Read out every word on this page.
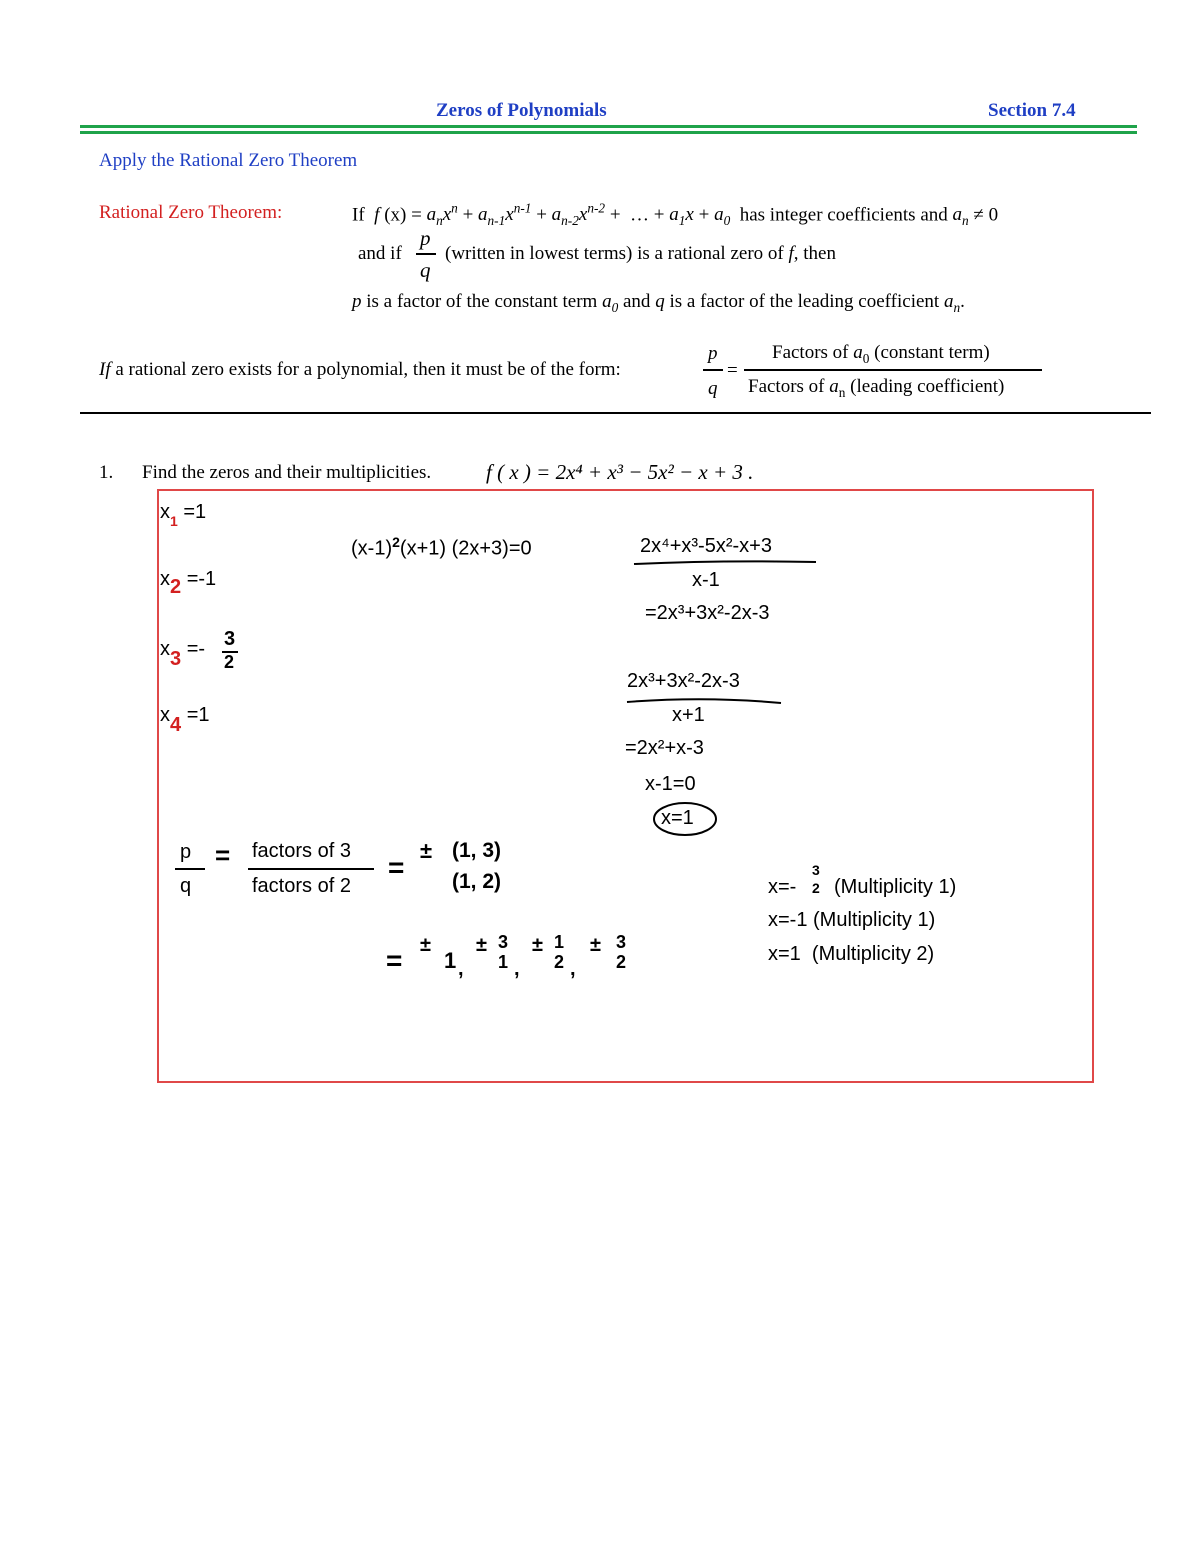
Zeros of Polynomials	Section 7.4
Apply the Rational Zero Theorem
Rational Zero Theorem:	If  f $(x) = a_nx^n + a_{n-1}x^{n-1} + a_{n-2}x^{n-2}$ +  … + $a_1x + a_0$ has integer coefficients and $a_n \ne 0$
and if
p
q
(written in lowest terms) is a rational zero of f, then
p is a factor of the constant term $a_0$ and q is a factor of the leading coefficient $a_n$.
If a rational zero exists for a polynomial, then it must be of the form:
p
q
=
Factors of $a_0$ (constant term)
Factors of $a_n$ (leading coefficient)
1. Find the zeros and their multiplicities.	f ( x ) = 2x⁴ + x³ − 5x² − x + 3 .
$x_1 =1$
x2 =-1
x3 =- 3
2
x4 =1
$(x-1)^2(x+1)$ (2x+3)=0	2x⁴+x³-5x²-x+3
x-1
=2x³+3x²-2x-3
2x³+3x²-2x-3
x+1
=2x²+x-3
x-1=0
x=1
p
q
= factors of 3
factors of 2
=
± (1, 3)
(1, 2)
= ±
1 ,
± 3
1 ,
± 1
2 ,
± 3
2
x=-
3
2 (Multiplicity 1)
x=-1 (Multiplicity 1)
x=1  (Multiplicity 2)
